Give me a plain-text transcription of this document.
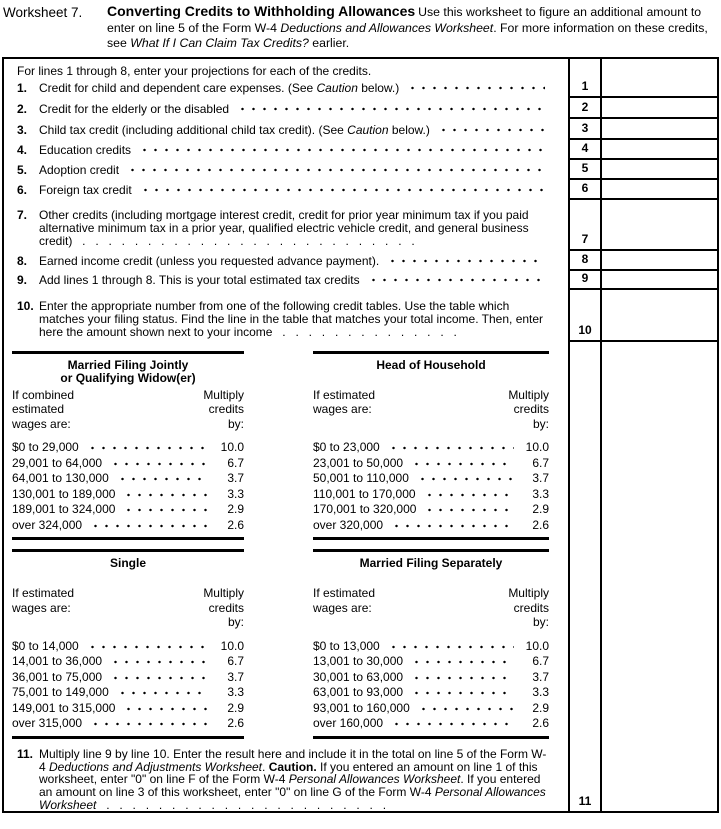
Worksheet 7.	Converting Credits to Withholding Allowances Use this worksheet to figure an additional amount to enter on line 5 of the Form W-4 Deductions and Allowances Worksheet. For more information on these credits, see What If I Can Claim Tax Credits? earlier.
For lines 1 through 8, enter your projections for each of the credits.
1. Credit for child and dependent care expenses. (See Caution below.)	1
2. Credit for the elderly or the disabled	2
3. Child tax credit (including additional child tax credit). (See Caution below.)	3
4. Education credits	4
5. Adoption credit	5
6. Foreign tax credit	6
7. Other credits (including mortgage interest credit, credit for prior year minimum tax if you paid alternative minimum tax in a prior year, qualified electric vehicle credit, and general business credit) . . . . . . . . . . . . . . . . . . . . . . . . . .	7
8. Earned income credit (unless you requested advance payment).	8
9. Add lines 1 through 8. This is your total estimated tax credits	9
10. Enter the appropriate number from one of the following credit tables. Use the table which matches your filing status. Find the line in the table that matches your total income. Then, enter here the amount shown next to your income . . . . . . . . . . . . . .	10
Married Filing Jointly
or Qualifying Widow(er)
If combined
estimated
wages are:
Multiply
credits
by:
$0 to 29,000	10.0
29,001 to 64,000	6.7
64,001 to 130,000	3.7
130,001 to 189,000	3.3
189,001 to 324,000	2.9
over 324,000	2.6
Head of Household
If estimated
wages are:
Multiply
credits
by:
$0 to 23,000	10.0
23,001 to 50,000	6.7
50,001 to 110,000	3.7
110,001 to 170,000	3.3
170,001 to 320,000	2.9
over 320,000	2.6
Single
If estimated
wages are:
Multiply
credits
by:
$0 to 14,000	10.0
14,001 to 36,000	6.7
36,001 to 75,000	3.7
75,001 to 149,000	3.3
149,001 to 315,000	2.9
over 315,000	2.6
Married Filing Separately
If estimated
wages are:
Multiply
credits
by:
$0 to 13,000	10.0
13,001 to 30,000	6.7
30,001 to 63,000	3.7
63,001 to 93,000	3.3
93,001 to 160,000	2.9
over 160,000	2.6
11. Multiply line 9 by line 10. Enter the result here and include it in the total on line 5 of the Form W-4 Deductions and Adjustments Worksheet. Caution. If you entered an amount on line 1 of this worksheet, enter "0" on line F of the Form W-4 Personal Allowances Worksheet. If you entered an amount on line 3 of this worksheet, enter "0" on line G of the Form W-4 Personal Allowances Worksheet . . . . . . . . . . . . . . . . . . . . . .	11
